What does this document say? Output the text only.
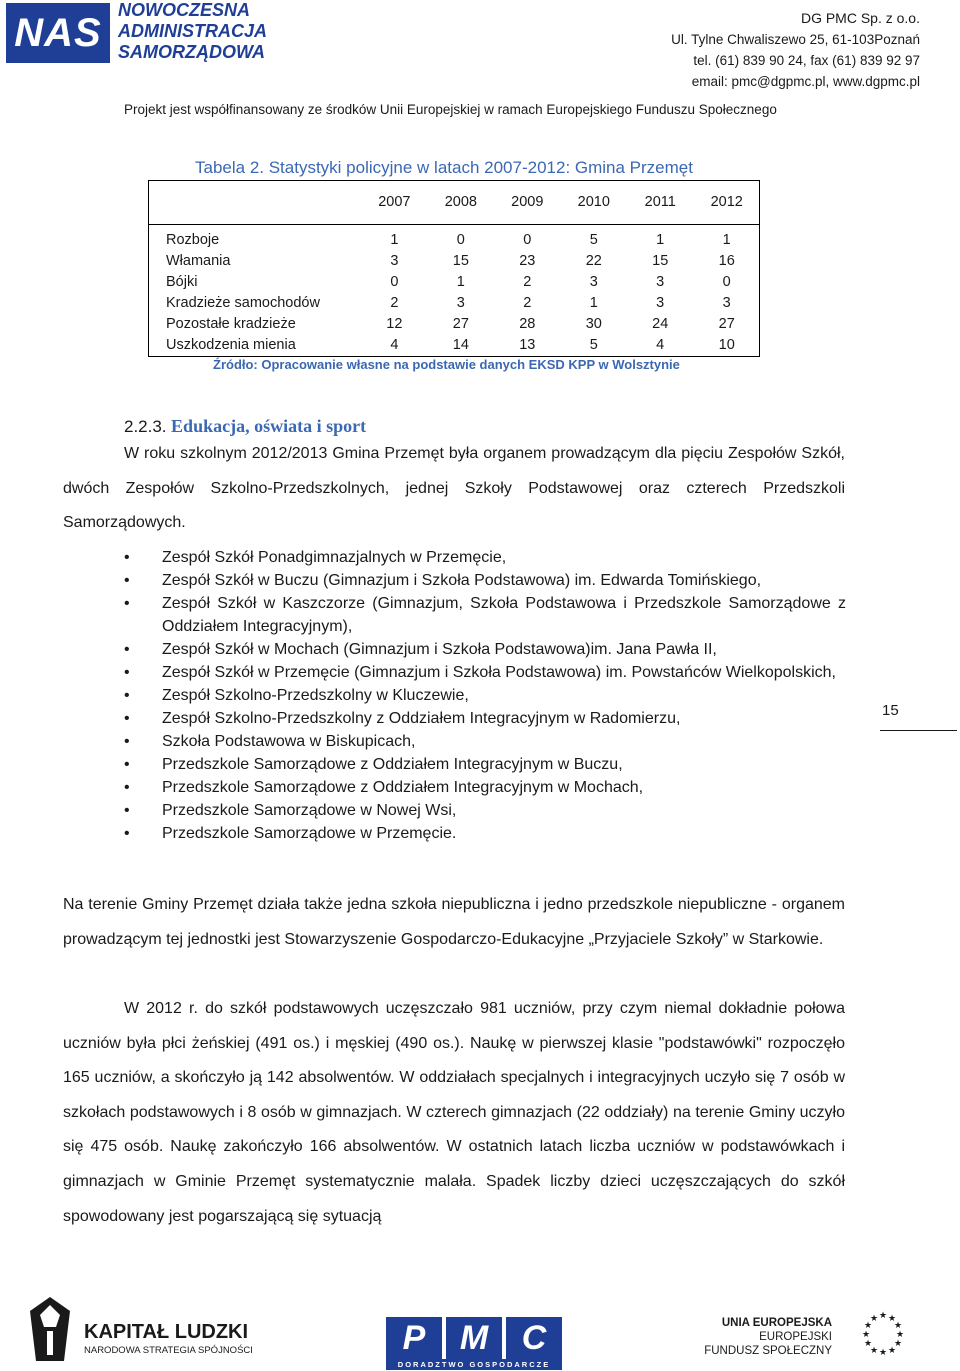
NAS
NOWOCZESNA
ADMINISTRACJA
SAMORZĄDOWA
DG PMC Sp. z o.o.
Ul. Tylne Chwaliszewo 25, 61-103Poznań
tel. (61) 839 90 24, fax (61) 839 92 97
email: pmc@dgpmc.pl, www.dgpmc.pl
Projekt jest współfinansowany ze środków Unii Europejskiej w ramach Europejskiego Funduszu Społecznego
Tabela 2. Statystyki policyjne w latach 2007-2012: Gmina Przemęt
	2007	2008	2009	2010	2011	2012

Rozboje	1	0	0	5	1	1
Włamania	3	15	23	22	15	16
Bójki	0	1	2	3	3	0
Kradzieże samochodów	2	3	2	1	3	3
Pozostałe kradzieże	12	27	28	30	24	27
Uszkodzenia mienia	4	14	13	5	4	10
Źródło: Opracowanie własne na podstawie danych EKSD KPP w Wolsztynie
2.2.3. Edukacja, oświata i sport
W roku szkolnym 2012/2013 Gmina Przemęt była organem prowadzącym dla pięciu Zespołów Szkół, dwóch Zespołów Szkolno-Przedszkolnych, jednej Szkoły Podstawowej oraz czterech Przedszkoli Samorządowych.
• Zespół Szkół Ponadgimnazjalnych w Przemęcie,
• Zespół Szkół w Buczu (Gimnazjum i Szkoła Podstawowa) im. Edwarda Tomińskiego,
• Zespół Szkół w Kaszczorze (Gimnazjum, Szkoła Podstawowa i Przedszkole Samorządowe z Oddziałem Integracyjnym),
• Zespół Szkół w Mochach (Gimnazjum i Szkoła Podstawowa)im. Jana Pawła II,
• Zespół Szkół w Przemęcie (Gimnazjum i Szkoła Podstawowa) im. Powstańców Wielkopolskich,
• Zespół Szkolno-Przedszkolny w Kluczewie,
• Zespół Szkolno-Przedszkolny z Oddziałem Integracyjnym w Radomierzu,
• Szkoła Podstawowa w Biskupicach,
• Przedszkole Samorządowe z Oddziałem Integracyjnym w Buczu,
• Przedszkole Samorządowe z Oddziałem Integracyjnym w Mochach,
• Przedszkole Samorządowe w Nowej Wsi,
• Przedszkole Samorządowe w Przemęcie.
15
Na terenie Gminy Przemęt działa także jedna szkoła niepubliczna i jedno przedszkole niepubliczne - organem prowadzącym tej jednostki jest Stowarzyszenie Gospodarczo-Edukacyjne „Przyjaciele Szkoły” w Starkowie.
W 2012 r. do szkół podstawowych uczęszczało 981 uczniów, przy czym niemal dokładnie połowa uczniów była płci żeńskiej (491 os.) i męskiej (490 os.). Naukę w pierwszej klasie "podstawówki" rozpoczęło 165 uczniów, a skończyło ją 142 absolwentów. W oddziałach specjalnych i integracyjnych uczyło się 7 osób w szkołach podstawowych i 8 osób w gimnazjach. W czterech gimnazjach (22 oddziały) na terenie Gminy uczyło się 475 osób. Naukę zakończyło 166 absolwentów. W ostatnich latach liczba uczniów w podstawówkach i gimnazjach w Gminie Przemęt systematycznie malała. Spadek liczby dzieci uczęszczających do szkół spowodowany jest pogarszającą się sytuacją
KAPITAŁ LUDZKI
NARODOWA STRATEGIA SPÓJNOŚCI	P	M C
DORADZTWO GOSPODARCZE
UNIA EUROPEJSKA
EUROPEJSKI
FUNDUSZ SPOŁECZNY
★ ★
★
★
★
★
★
★
★
★
★
★
